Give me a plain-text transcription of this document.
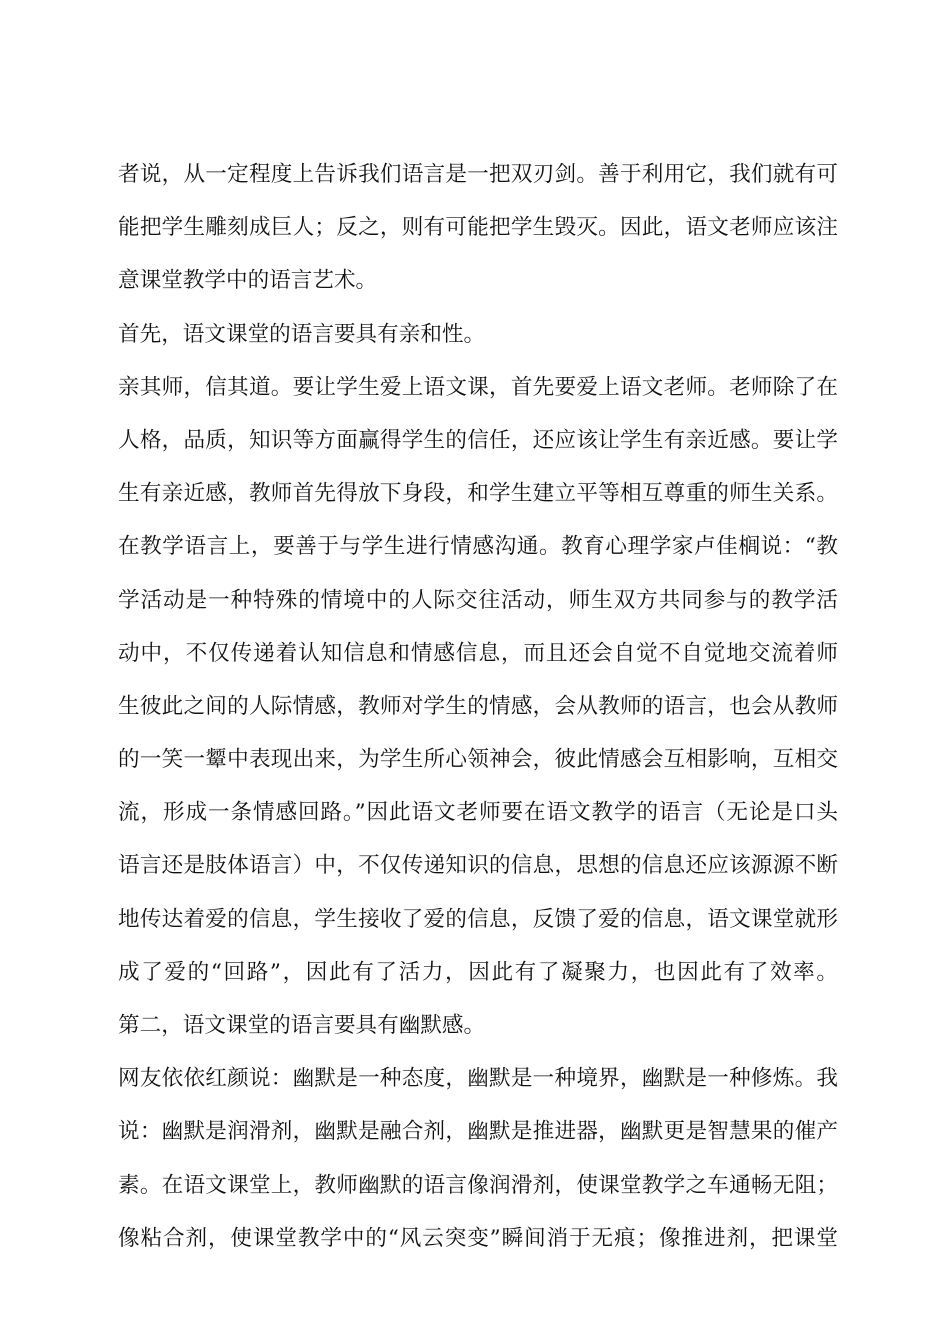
者说，从一定程度上告诉我们语言是一把双刃剑。善于利用它，我们就有可
能把学生雕刻成巨人；反之，则有可能把学生毁灭。因此，语文老师应该注
意课堂教学中的语言艺术。
首先，语文课堂的语言要具有亲和性。
亲其师，信其道。要让学生爱上语文课，首先要爱上语文老师。老师除了在
人格，品质，知识等方面赢得学生的信任，还应该让学生有亲近感。要让学
生有亲近感，教师首先得放下身段，和学生建立平等相互尊重的师生关系。
在教学语言上，要善于与学生进行情感沟通。教育心理学家卢佳榈说：“教
学活动是一种特殊的情境中的人际交往活动，师生双方共同参与的教学活
动中，不仅传递着认知信息和情感信息，而且还会自觉不自觉地交流着师
生彼此之间的人际情感，教师对学生的情感，会从教师的语言，也会从教师
的一笑一颦中表现出来，为学生所心领神会，彼此情感会互相影响，互相交
流，形成一条情感回路。”因此语文老师要在语文教学的语言（无论是口头
语言还是肢体语言）中，不仅传递知识的信息，思想的信息还应该源源不断
地传达着爱的信息，学生接收了爱的信息，反馈了爱的信息，语文课堂就形
成了爱的“回路”，因此有了活力，因此有了凝聚力，也因此有了效率。
第二，语文课堂的语言要具有幽默感。
网友依依红颜说：幽默是一种态度，幽默是一种境界，幽默是一种修炼。我
说：幽默是润滑剂，幽默是融合剂，幽默是推进器，幽默更是智慧果的催产
素。在语文课堂上，教师幽默的语言像润滑剂，使课堂教学之车通畅无阻；
像粘合剂，使课堂教学中的“风云突变”瞬间消于无痕；像推进剂，把课堂
